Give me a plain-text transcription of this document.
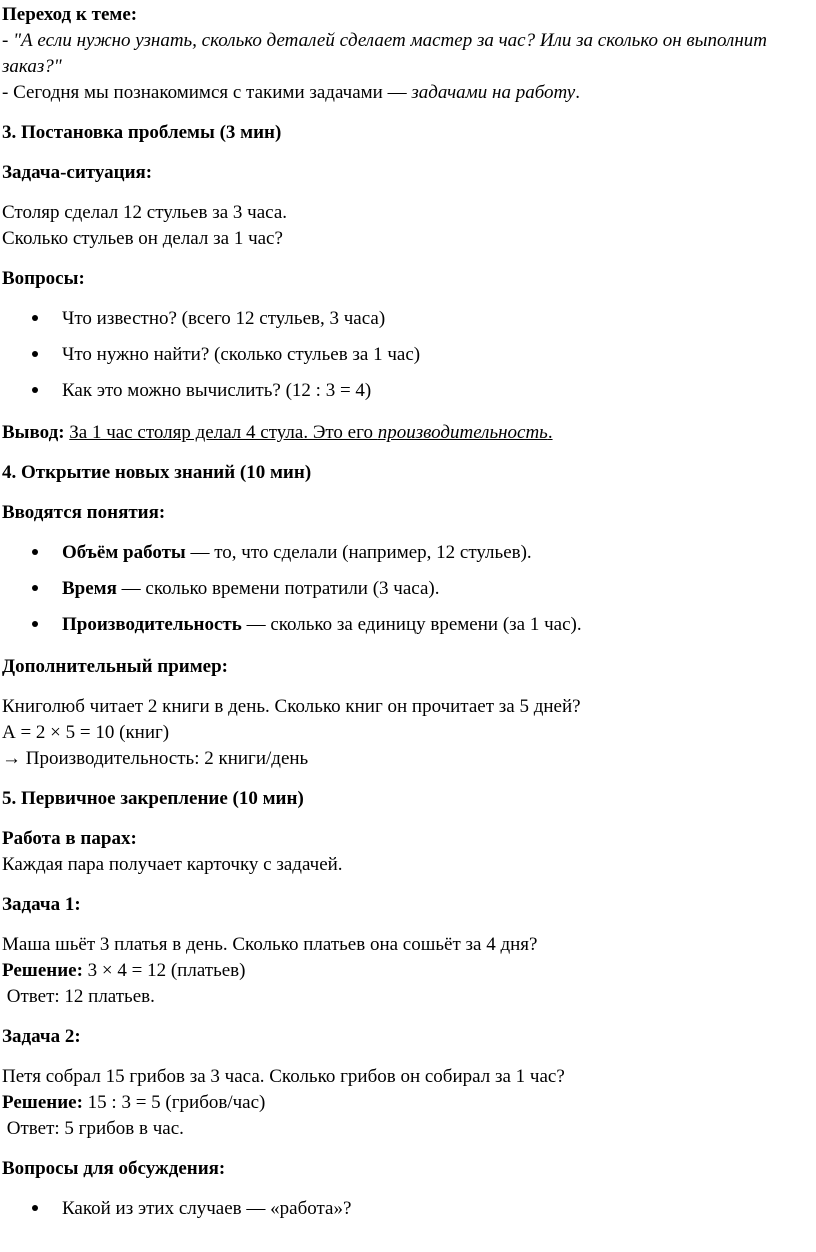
Переход к теме:

- "А если нужно узнать, сколько деталей сделает мастер за час? Или за сколько он выполнит заказ?"

- Сегодня мы познакомимся с такими задачами — задачами на работу.

3. Постановка проблемы (3 мин)

Задача-ситуация:

Столяр сделал 12 стульев за 3 часа.

Сколько стульев он делал за 1 час?

Вопросы:

Что известно? (всего 12 стульев, 3 часа)
Что нужно найти? (сколько стульев за 1 час)
Как это можно вычислить? (12 : 3 = 4)

Вывод: За 1 час столяр делал 4 стула. Это его производительность.

4. Открытие новых знаний (10 мин)

Вводятся понятия:

Объём работы — то, что сделали (например, 12 стульев).
Время — сколько времени потратили (3 часа).
Производительность — сколько за единицу времени (за 1 час).

Дополнительный пример:

Книголюб читает 2 книги в день. Сколько книг он прочитает за 5 дней?

А = 2 × 5 = 10 (книг)

→ Производительность: 2 книги/день

5. Первичное закрепление (10 мин)

Работа в парах:

Каждая пара получает карточку с задачей.

Задача 1:

Маша шьёт 3 платья в день. Сколько платьев она сошьёт за 4 дня?

Решение: 3 × 4 = 12 (платьев)

Ответ: 12 платьев.

Задача 2:

Петя собрал 15 грибов за 3 часа. Сколько грибов он собирал за 1 час?

Решение: 15 : 3 = 5 (грибов/час)

Ответ: 5 грибов в час.

Вопросы для обсуждения:

Какой из этих случаев — «работа»?
